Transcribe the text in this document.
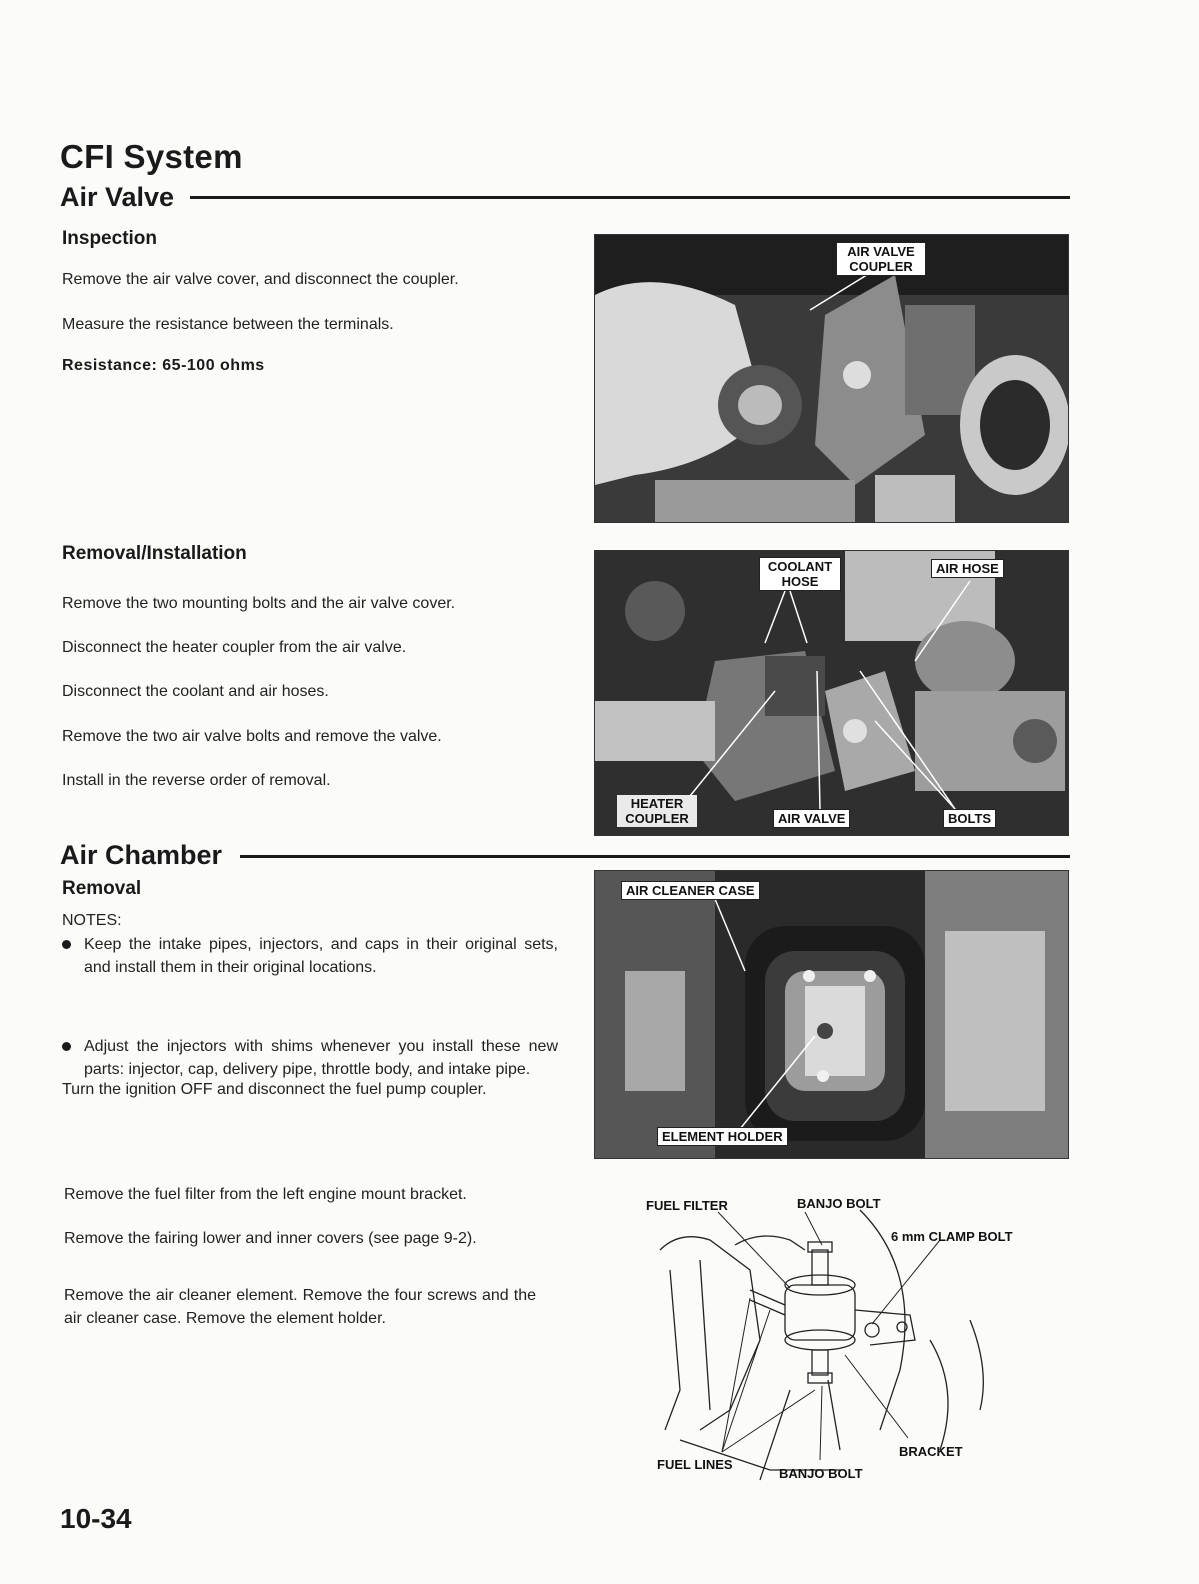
CFI System
Air Valve
Inspection
Remove the air valve cover, and disconnect the coupler.
Measure the resistance between the terminals.
Resistance: 65-100 ohms
AIR VALVE COUPLER
Removal/Installation
Remove the two mounting bolts and the air valve cover.
Disconnect the heater coupler from the air valve.
Disconnect the coolant and air hoses.
Remove the two air valve bolts and remove the valve.
Install in the reverse order of removal.
COOLANT HOSE
AIR HOSE
HEATER COUPLER	AIR VALVE	BOLTS
Air Chamber
Removal
NOTES:
Keep the intake pipes, injectors, and caps in their original sets, and install them in their original locations.
Adjust the injectors with shims whenever you install these new parts: injector, cap, delivery pipe, throttle body, and intake pipe.
Turn the ignition OFF and disconnect the fuel pump coupler.
AIR CLEANER CASE
ELEMENT HOLDER
Remove the fuel filter from the left engine mount bracket.
Remove the fairing lower and inner covers (see page 9-2).
Remove the air cleaner element. Remove the four screws and the air cleaner case. Remove the element holder.
FUEL FILTER	BANJO BOLT
6 mm CLAMP BOLT
BRACKET
FUEL LINES
BANJO BOLT
10-34
